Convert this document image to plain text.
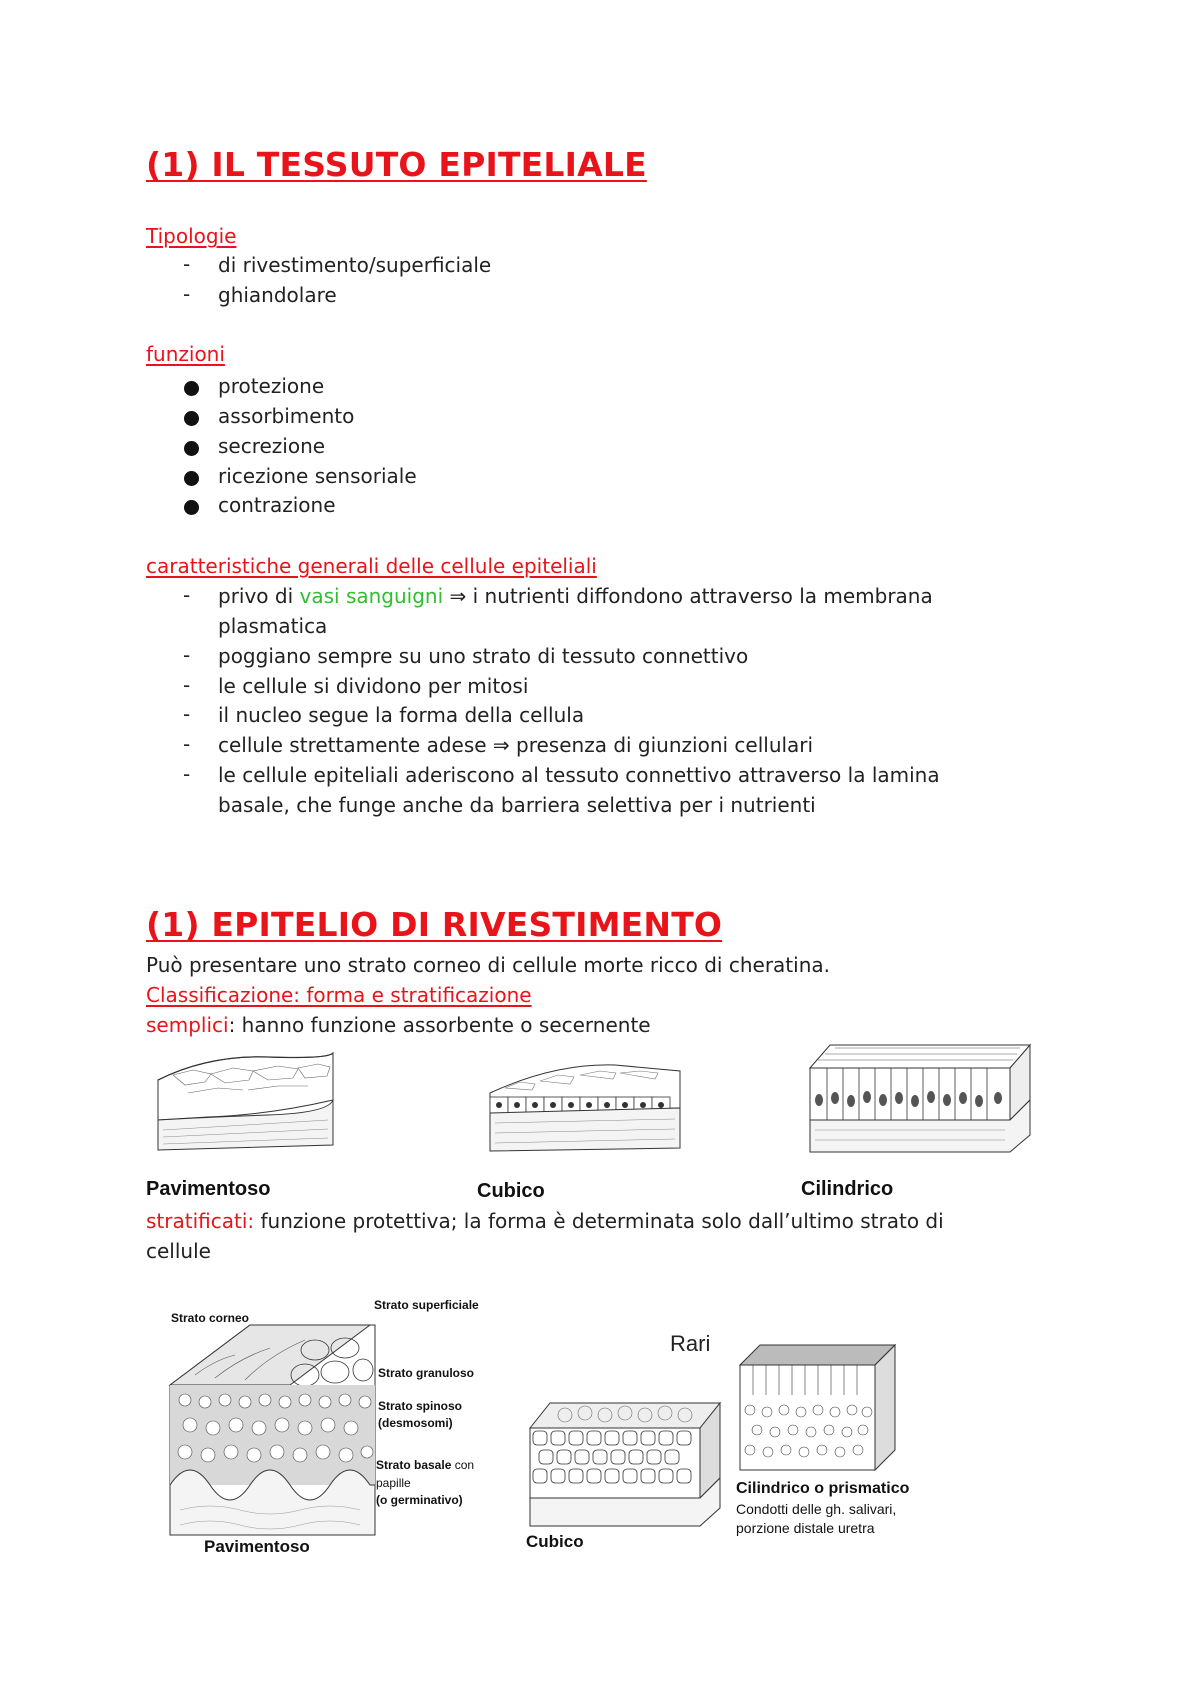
(1) IL TESSUTO EPITELIALE
Tipologie
- di rivestimento/superficiale
- ghiandolare
funzioni
protezione
assorbimento
secrezione
ricezione sensoriale
contrazione
caratteristiche generali delle cellule epiteliali
- privo di vasi sanguigni ⇒ i nutrienti diffondono attraverso la membrana
plasmatica
- poggiano sempre su uno strato di tessuto connettivo
- le cellule si dividono per mitosi
- il nucleo segue la forma della cellula
- cellule strettamente adese ⇒ presenza di giunzioni cellulari
- le cellule epiteliali aderiscono al tessuto connettivo attraverso la lamina
basale, che funge anche da barriera selettiva per i nutrienti
(1) EPITELIO DI RIVESTIMENTO
Può presentare uno strato corneo di cellule morte ricco di cheratina.
Classificazione: forma e stratificazione
semplici: hanno funzione assorbente o secernente
Pavimentoso	Cubico	Cilindrico
stratificati: funzione protettiva; la forma è determinata solo dall’ultimo strato di
cellule
Strato corneo
Strato superficiale
Strato granuloso
Strato spinoso
(desmosomi)
Strato basale con
papille
(o germinativo)
Pavimentoso
Rari
Cubico
Cilindrico o prismatico
Condotti delle gh. salivari,
porzione distale uretra
